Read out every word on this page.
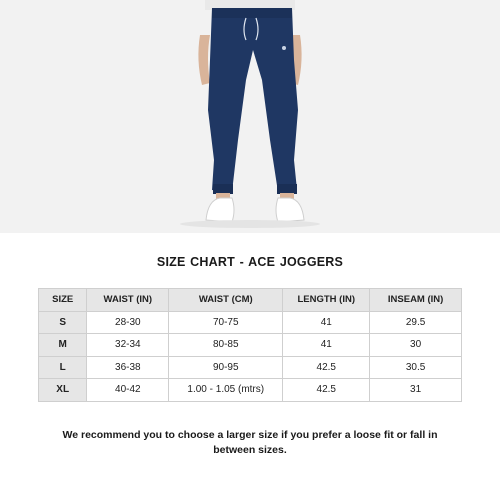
SIZE CHART - ACE JOGGERS
SIZE	WAIST (IN)	WAIST (CM)	LENGTH (IN)	INSEAM (IN)
S	28-30	70-75	41	29.5
M	32-34	80-85	41	30
L	36-38	90-95	42.5	30.5
XL	40-42	1.00 - 1.05 (mtrs)	42.5	31
We recommend you to choose a larger size if you prefer a loose fit or fall in between sizes.
